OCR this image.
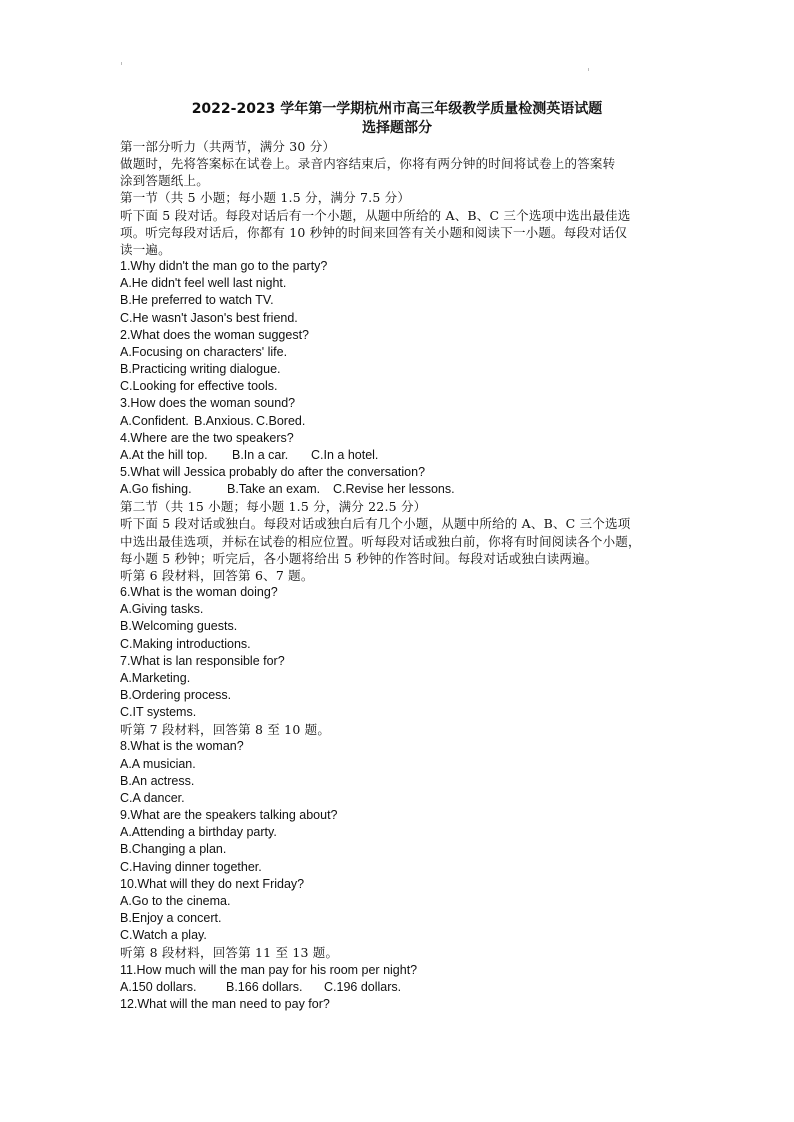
2022-2023 学年第一学期杭州市高三年级教学质量检测英语试题
选择题部分

第一部分听力（共两节，满分 30 分）

做题时，先将答案标在试卷上。录音内容结束后，你将有两分钟的时间将试卷上的答案转

涂到答题纸上。

第一节（共 5 小题；每小题 1.5 分，满分 7.5 分）

听下面 5 段对话。每段对话后有一个小题，从题中所给的 A、B、C 三个选项中选出最佳选

项。听完每段对话后，你都有 10 秒钟的时间来回答有关小题和阅读下一小题。每段对话仅

读一遍。

1.Why didn't the man go to the party?

A.He didn't feel well last night.

B.He preferred to watch TV.

C.He wasn't Jason's best friend.

2.What does the woman suggest?

A.Focusing on characters' life.

B.Practicing writing dialogue.

C.Looking for effective tools.

3.How does the woman sound?

A.Confident. B.Anxious. C.Bored.

4.Where are the two speakers?

A.At the hill top. B.In a car. C.In a hotel.

5.What will Jessica probably do after the conversation?

A.Go fishing.	B.Take an exam. C.Revise her lessons.

第二节（共 15 小题；每小题 1.5 分，满分 22.5 分）

听下面 5 段对话或独白。每段对话或独白后有几个小题，从题中所给的 A、B、C 三个选项

中选出最佳选项，并标在试卷的相应位置。听每段对话或独白前，你将有时间阅读各个小题，

每小题 5 秒钟；听完后，各小题将给出 5 秒钟的作答时间。每段对话或独白读两遍。

听第 6 段材料，回答第 6、7 题。

6.What is the woman doing?

A.Giving tasks.

B.Welcoming guests.

C.Making introductions.

7.What is lan responsible for?

A.Marketing.

B.Ordering process.

C.IT systems.

听第 7 段材料，回答第 8 至 10 题。

8.What is the woman?

A.A musician.

B.An actress.

C.A dancer.

9.What are the speakers talking about?

A.Attending a birthday party.

B.Changing a plan.

C.Having dinner together.

10.What will they do next Friday?

A.Go to the cinema.

B.Enjoy a concert.

C.Watch a play.

听第 8 段材料，回答第 11 至 13 题。

11.How much will the man pay for his room per night?

A.150 dollars. B.166 dollars. C.196 dollars.

12.What will the man need to pay for?
